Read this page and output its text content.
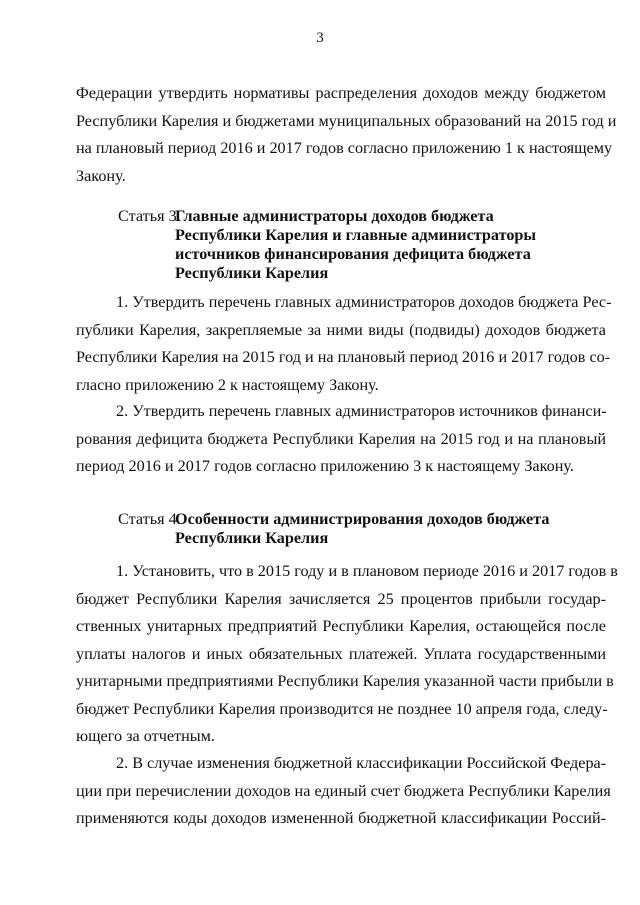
3
Федерации утвердить нормативы распределения доходов между бюджетом
Республики Карелия и бюджетами муниципальных образований на 2015 год и
на плановый период 2016 и 2017 годов согласно приложению 1 к настоящему
Закону.
Статья 3.
Главные администраторы доходов бюджета
Республики Карелия и главные администраторы
источников финансирования дефицита бюджета
Республики Карелия
1. Утвердить перечень главных администраторов доходов бюджета Рес-
публики Карелия, закрепляемые за ними виды (подвиды) доходов бюджета
Республики Карелия на 2015 год и на плановый период 2016 и 2017 годов со-
гласно приложению 2 к настоящему Закону.
2. Утвердить перечень главных администраторов источников финанси-
рования дефицита бюджета Республики Карелия на 2015 год и на плановый
период 2016 и 2017 годов согласно приложению 3 к настоящему Закону.
Статья 4.
Особенности администрирования доходов бюджета
Республики Карелия
1. Установить, что в 2015 году и в плановом периоде 2016 и 2017 годов в
бюджет Республики Карелия зачисляется 25 процентов прибыли государ-
ственных унитарных предприятий Республики Карелия, остающейся после
уплаты налогов и иных обязательных платежей. Уплата государственными
унитарными предприятиями Республики Карелия указанной части прибыли в
бюджет Республики Карелия производится не позднее 10 апреля года, следу-
ющего за отчетным.
2. В случае изменения бюджетной классификации Российской Федера-
ции при перечислении доходов на единый счет бюджета Республики Карелия
применяются коды доходов измененной бюджетной классификации Россий-
